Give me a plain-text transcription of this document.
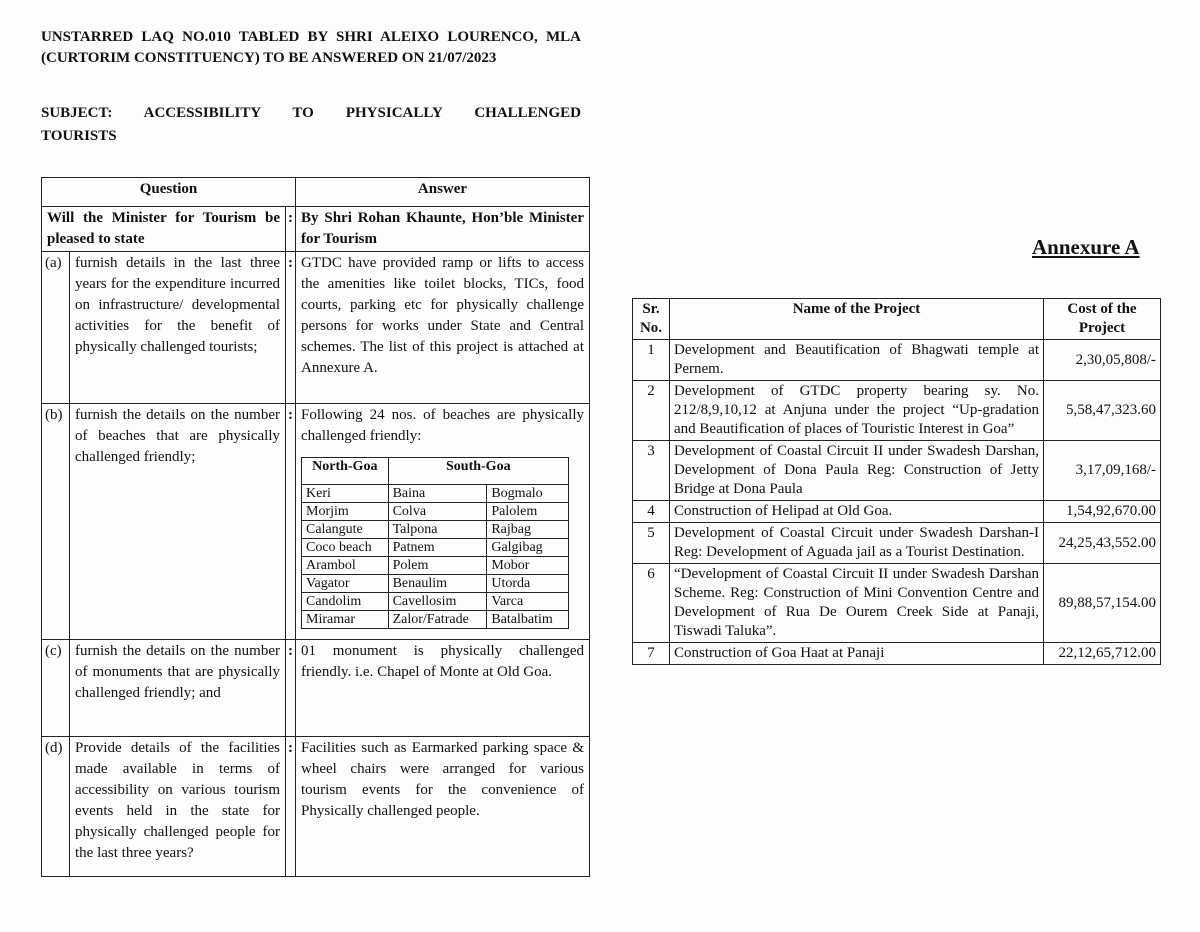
UNSTARRED LAQ NO.010 TABLED BY SHRI ALEIXO LOURENCO, MLA (CURTORIM CONSTITUENCY) TO BE ANSWERED ON 21/07/2023
SUBJECT: ACCESSIBILITY TO PHYSICALLY CHALLENGED
TOURISTS
Question	Answer
Will the Minister for Tourism be pleased to state	:	By Shri Rohan Khaunte, Hon’ble Minister for Tourism
(a)	furnish details in the last three years for the expenditure incurred on infrastructure/ developmental activities for the benefit of physically challenged tourists;	:	GTDC have provided ramp or lifts to access the amenities like toilet blocks, TICs, food courts, parking etc for physically challenge persons for works under State and Central schemes. The list of this project is attached at Annexure A.
(b)	furnish the details on the number of beaches that are physically challenged friendly;	:	Following 24 nos. of beaches are physically challenged friendly:
North-Goa	South-Goa
Keri	Baina	Bogmalo
Morjim	Colva	Palolem
Calangute	Talpona	Rajbag
Coco beach	Patnem	Galgibag
Arambol	Polem	Mobor
Vagator	Benaulim	Utorda
Candolim	Cavellosim	Varca
Miramar	Zalor/Fatrade	Batalbatim

(c)	furnish the details on the number of monuments that are physically challenged friendly; and	:	01 monument is physically challenged friendly. i.e. Chapel of Monte at Old Goa.
(d)	Provide details of the facilities made available in terms of accessibility on various tourism events held in the state for physically challenged people for the last three years?	:	Facilities such as Earmarked parking space & wheel chairs were arranged for various tourism events for the convenience of Physically challenged people.
Annexure A
Sr. No.	Name of the Project	Cost of the Project
1	Development and Beautification of Bhagwati temple at Pernem.	2,30,05,808/-
2	Development of GTDC property bearing sy. No. 212/8,9,10,12 at Anjuna under the project “Up-gradation and Beautification of places of Touristic Interest in Goa”	5,58,47,323.60
3	Development of Coastal Circuit II under Swadesh Darshan, Development of Dona Paula Reg: Construction of Jetty Bridge at Dona Paula	3,17,09,168/-
4	Construction of Helipad at Old Goa.	1,54,92,670.00
5	Development of Coastal Circuit under Swadesh Darshan-I Reg: Development of Aguada jail as a Tourist Destination.	24,25,43,552.00
6	“Development of Coastal Circuit II under Swadesh Darshan Scheme. Reg: Construction of Mini Convention Centre and Development of Rua De Ourem Creek Side at Panaji, Tiswadi Taluka”.	89,88,57,154.00
7	Construction of Goa Haat at Panaji	22,12,65,712.00
